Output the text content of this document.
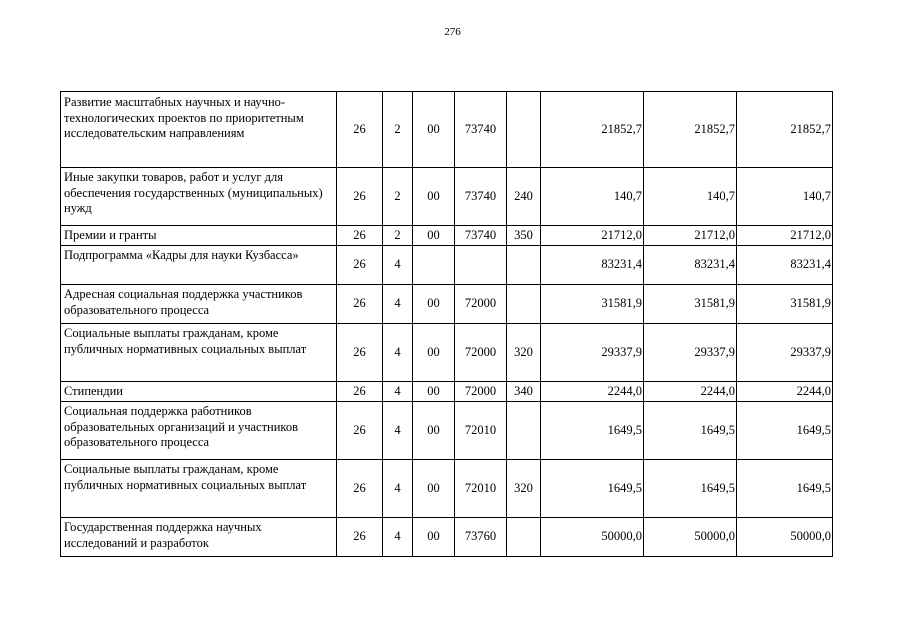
276
Развитие масштабных научных и научно-технологических проектов по приоритетным исследовательским направлениям	26	2	00	73740		21852,7	21852,7	21852,7
Иные закупки товаров, работ и услуг для обеспечения государственных (муниципальных) нужд	26	2	00	73740	240	140,7	140,7	140,7
Премии и гранты	26	2	00	73740	350	21712,0	21712,0	21712,0
Подпрограмма «Кадры для науки Кузбасса»	26	4				83231,4	83231,4	83231,4
Адресная социальная поддержка участников образовательного процесса	26	4	00	72000		31581,9	31581,9	31581,9
Социальные выплаты гражданам, кроме публичных нормативных социальных выплат	26	4	00	72000	320	29337,9	29337,9	29337,9
Стипендии	26	4	00	72000	340	2244,0	2244,0	2244,0
Социальная поддержка работников образовательных организаций и участников образовательного процесса	26	4	00	72010		1649,5	1649,5	1649,5
Социальные выплаты гражданам, кроме публичных нормативных социальных выплат	26	4	00	72010	320	1649,5	1649,5	1649,5
Государственная поддержка научных исследований и разработок	26	4	00	73760		50000,0	50000,0	50000,0
